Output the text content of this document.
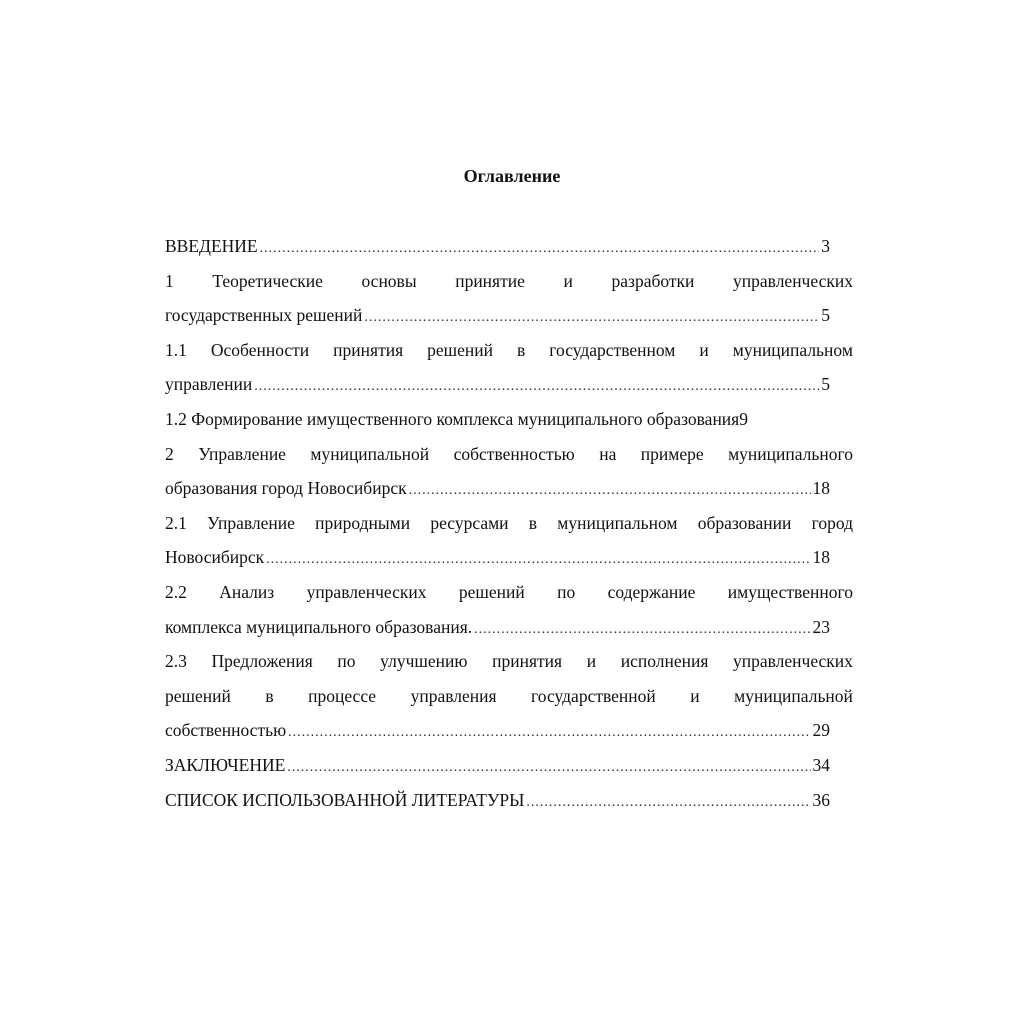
Оглавление
ВВЕДЕНИЕ .....	3
1 Теоретические основы принятие и разработки управленческих
государственных решений .....	5
1.1 Особенности принятия решений в государственном и муниципальном
управлении .....	5
1.2 Формирование имущественного комплекса муниципального образования 9
2 Управление муниципальной собственностью на примере муниципального
образования город Новосибирск .....	18
2.1 Управление природными ресурсами в муниципальном образовании город
Новосибирск .....	18
2.2 Анализ управленческих решений по содержание имущественного
комплекса муниципального образования. .....	23
2.3 Предложения по улучшению принятия и исполнения управленческих
решений в процессе управления государственной и муниципальной
собственностью .....	29
ЗАКЛЮЧЕНИЕ .....	34
СПИСОК ИСПОЛЬЗОВАННОЙ ЛИТЕРАТУРЫ .....	36
